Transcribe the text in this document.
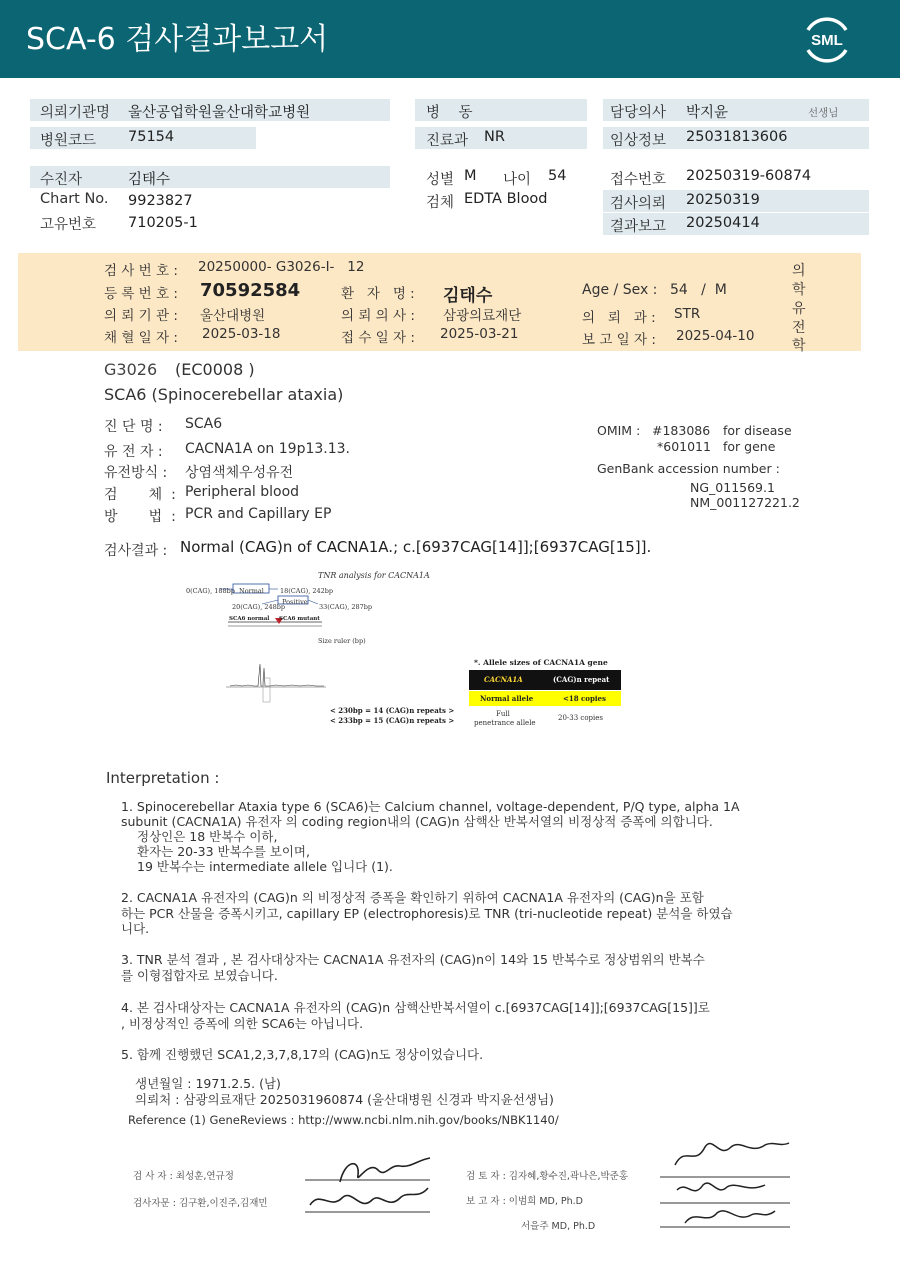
SCA-6 검사결과보고서	SML
의뢰기관명 울산공업학원울산대학교병원
병원코드 75154
병    동
진료과 NR
담당의사 박지윤	선생님
임상정보 25031813606
수진자	김태수
Chart No. 9923827
고유번호 710205-1
성별 M 나이 54
검체 EDTA Blood
접수번호 20250319-60874
검사의뢰 20250319
결과보고 20250414
검 사 번 호 : 20250000- G3026-I-   12
등 록 번 호 : 70592584	환   자   명 : 김태수	Age / Sex : 54   /  M
의 뢰 기 관 : 울산대병원	의 뢰 의 사 : 삼광의료재단	의   뢰   과 : STR
채 혈 일 자 : 2025-03-18	접 수 일 자 : 2025-03-21	보 고 일 자 : 2025-04-10
의
학
유
전
학
G3026 (EC0008 )
SCA6 (Spinocerebellar ataxia)
진 단 명 : SCA6
유 전 자 : CACNA1A on 19p13.13.
유전방식 : 상염색체우성유전
검       체  : Peripheral blood
방       법  : PCR and Capillary EP
OMIM : #183086 for disease
*601011 for gene
GenBank accession number :
NG_011569.1
NM_001127221.2
검사결과 : Normal (CAG)n of CACNA1A.; c.[6937CAG[14]];[6937CAG[15]].
TNR analysis for CACNA1A
0(CAG), 188bp Normal 18(CAG), 242bp
Positive
20(CAG), 248bp	33(CAG), 287bp
SCA6 normal SCA6 mutant
Size ruler (bp)
< 230bp = 14 (CAG)n repeats >
< 233bp = 15 (CAG)n repeats >
*. Allele sizes of CACNA1A gene
CACNA1A	(CAG)n repeat
Normal allele	<18 copies
Full
penetrance allele
20-33 copies
Interpretation :
1. Spinocerebellar Ataxia type 6 (SCA6)는 Calcium channel, voltage-dependent, P/Q type, alpha 1A
subunit (CACNA1A) 유전자 의 coding region내의 (CAG)n 삼핵산 반복서열의 비정상적 증폭에 의합니다.
정상인은 18 반복수 이하,
환자는 20-33 반복수를 보이며,
19 반복수는 intermediate allele 입니다 (1).
2. CACNA1A 유전자의 (CAG)n 의 비정상적 증폭을 확인하기 위하여 CACNA1A 유전자의 (CAG)n을 포함
하는 PCR 산물을 증폭시키고, capillary EP (electrophoresis)로 TNR (tri-nucleotide repeat) 분석을 하였습
니다.
3. TNR 분석 결과 , 본 검사대상자는 CACNA1A 유전자의 (CAG)n이 14와 15 반복수로 정상범위의 반복수
를 이형접합자로 보였습니다.
4. 본 검사대상자는 CACNA1A 유전자의 (CAG)n 삼핵산반복서열이 c.[6937CAG[14]];[6937CAG[15]]로
, 비정상적인 증폭에 의한 SCA6는 아닙니다.
5. 함께 진행했던 SCA1,2,3,7,8,17의 (CAG)n도 정상이었습니다.
생년월일 : 1971.2.5. (남)
의뢰처 : 삼광의료재단 2025031960874 (울산대병원 신경과 박지윤선생님)
Reference (1) GeneReviews : http://www.ncbi.nlm.nih.gov/books/NBK1140/
검 사 자 : 최성훈,연규정
검사자문 : 김구환,이진주,김재민
검 토 자 : 김자혜,황수진,곽나은,박준홍
보 고 자 : 이범희 MD, Ph.D
서을주 MD, Ph.D
